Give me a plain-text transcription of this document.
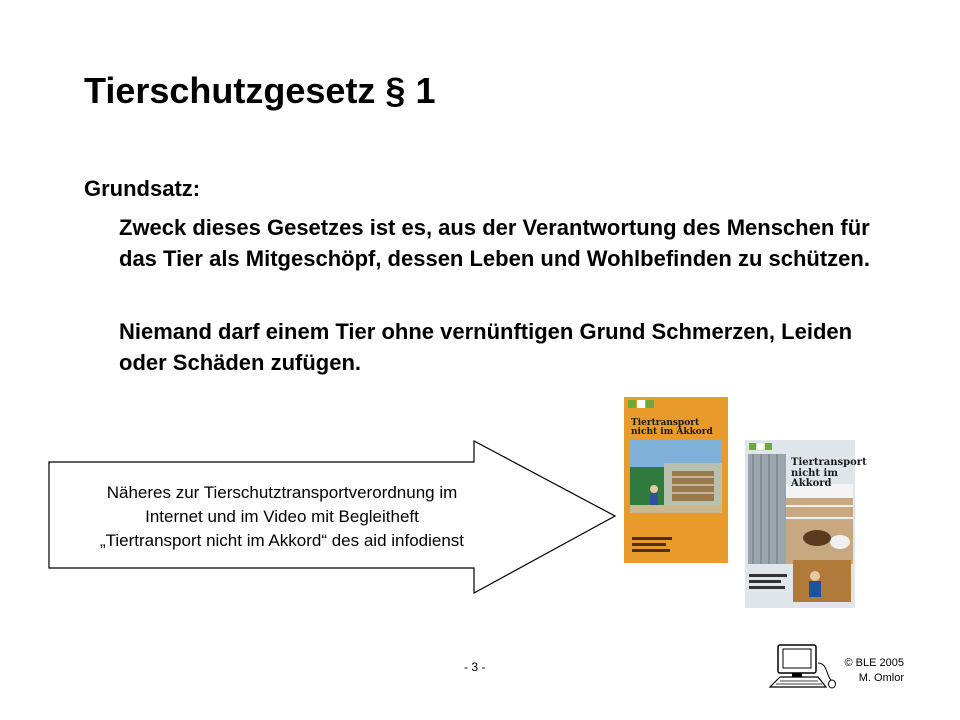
Tierschutzgesetz § 1
Grundsatz:
Zweck dieses Gesetzes ist es, aus der Verantwortung des Menschen für das Tier als Mitgeschöpf, dessen Leben und Wohlbefinden zu schützen.
Niemand darf einem Tier ohne vernünftigen Grund Schmerzen, Leiden oder Schäden zufügen.
Näheres zur Tierschutztransportverordnung im
Internet und im Video mit Begleitheft
„Tiertransport nicht im Akkord“ des aid infodienst
Tiertransport
nicht im Akkord
Tiertransport
nicht im Akkord
- 3 -	© BLE 2005
M. Omlor
